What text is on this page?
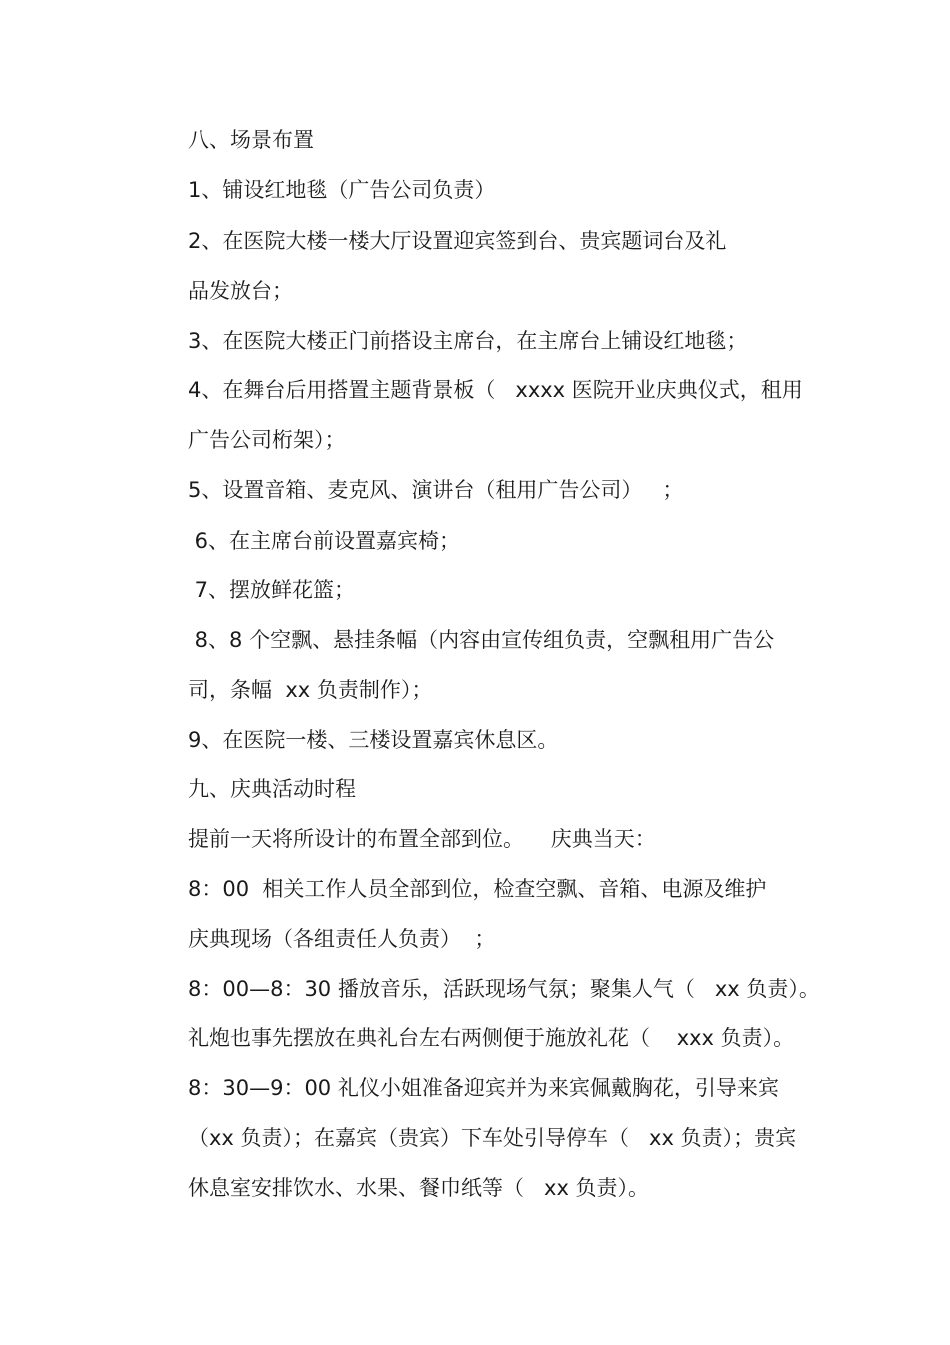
八、场景布置
1、铺设红地毯（广告公司负责）
2、在医院大楼一楼大厅设置迎宾签到台、贵宾题词台及礼
品发放台；
3、在医院大楼正门前搭设主席台，在主席台上铺设红地毯；
4、在舞台后用搭置主题背景板（   xxxx 医院开业庆典仪式，租用
广告公司桁架）；
5、设置音箱、麦克风、演讲台（租用广告公司）   ；
6、在主席台前设置嘉宾椅；
7、摆放鲜花篮；
8、8 个空飘、悬挂条幅（内容由宣传组负责，空飘租用广告公
司，条幅  xx 负责制作）；
9、在医院一楼、三楼设置嘉宾休息区。
九、庆典活动时程
提前一天将所设计的布置全部到位。    庆典当天：
8：00  相关工作人员全部到位，检查空飘、音箱、电源及维护
庆典现场（各组责任人负责）  ；
8：00—8：30 播放音乐，活跃现场气氛；聚集人气（   xx 负责）。
礼炮也事先摆放在典礼台左右两侧便于施放礼花（    xxx 负责）。
8：30—9：00 礼仪小姐准备迎宾并为来宾佩戴胸花，引导来宾
（xx 负责）；在嘉宾（贵宾）下车处引导停车（   xx 负责）；贵宾
休息室安排饮水、水果、餐巾纸等（   xx 负责）。
